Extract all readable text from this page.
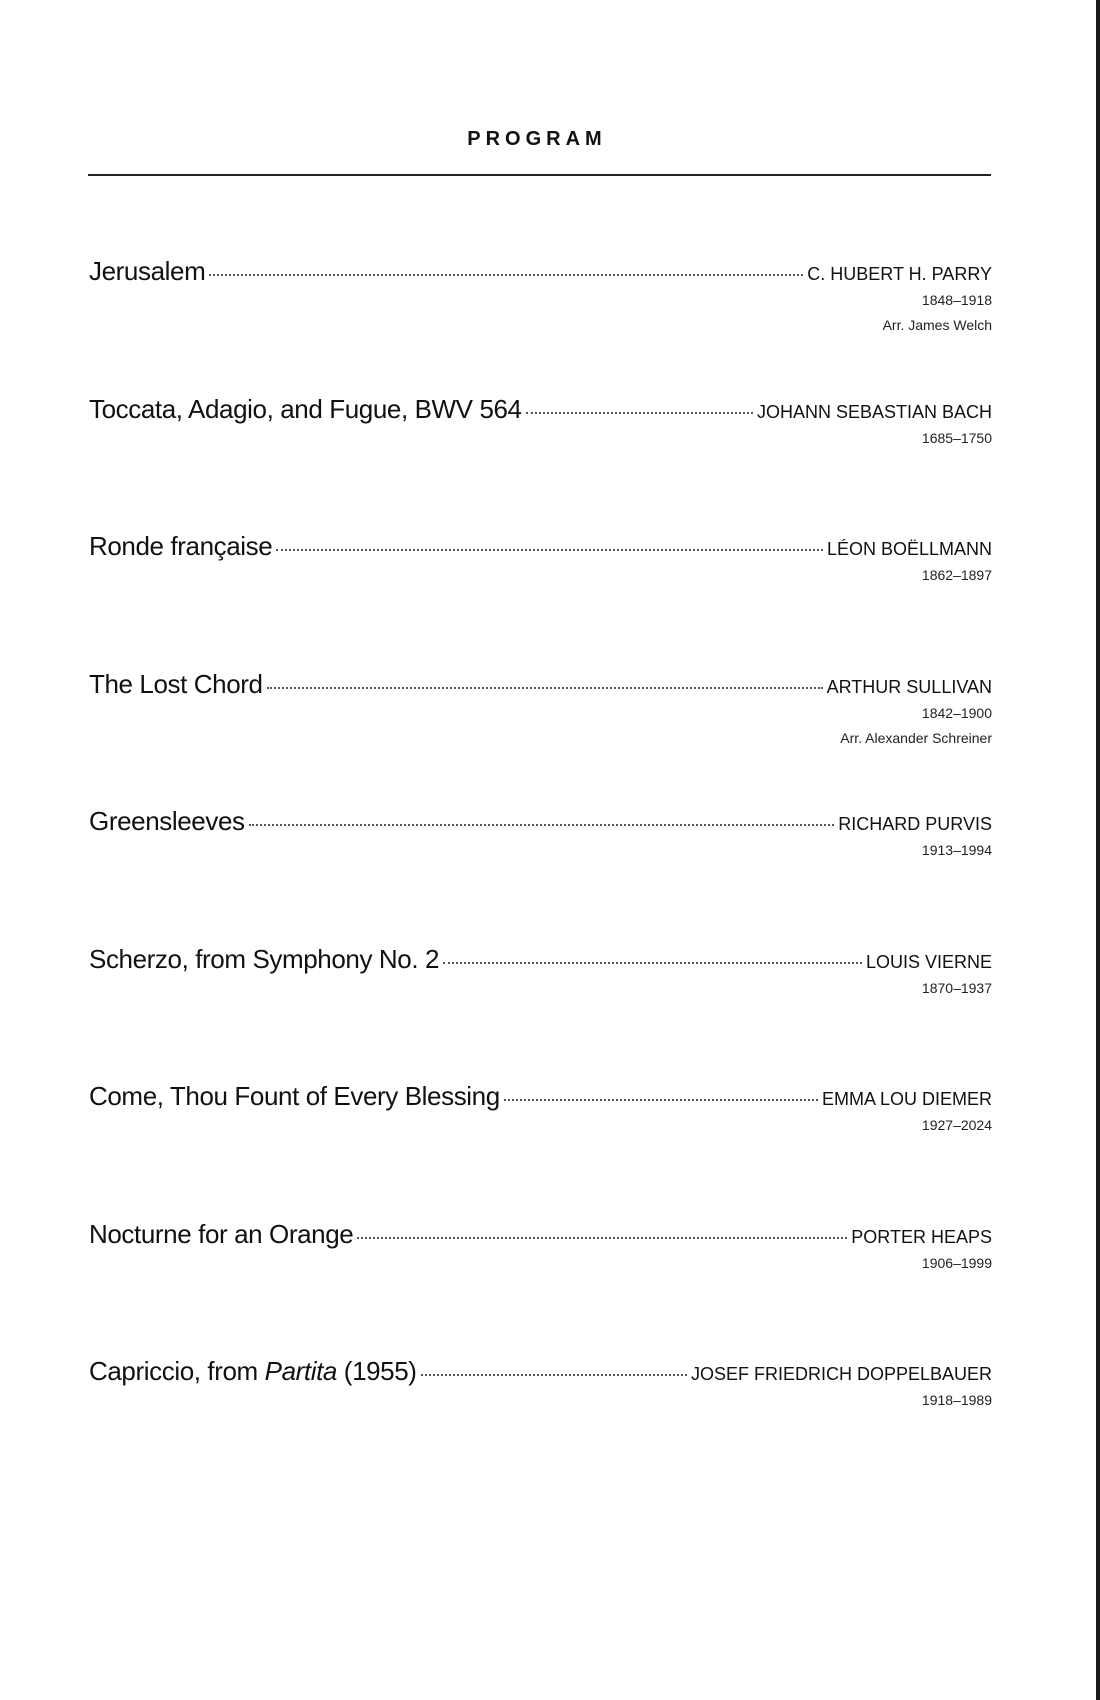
PROGRAM
Jerusalem	C. HUBERT H. PARRY
1848–1918
Arr. James Welch
Toccata, Adagio, and Fugue, BWV 564	JOHANN SEBASTIAN BACH
1685–1750
Ronde française	LÉON BOËLLMANN
1862–1897
The Lost Chord	ARTHUR SULLIVAN
1842–1900
Arr. Alexander Schreiner
Greensleeves	RICHARD PURVIS
1913–1994
Scherzo, from Symphony No. 2	LOUIS VIERNE
1870–1937
Come, Thou Fount of Every Blessing	EMMA LOU DIEMER
1927–2024
Nocturne for an Orange	PORTER HEAPS
1906–1999
Capriccio, from Partita (1955)	JOSEF FRIEDRICH DOPPELBAUER
1918–1989
